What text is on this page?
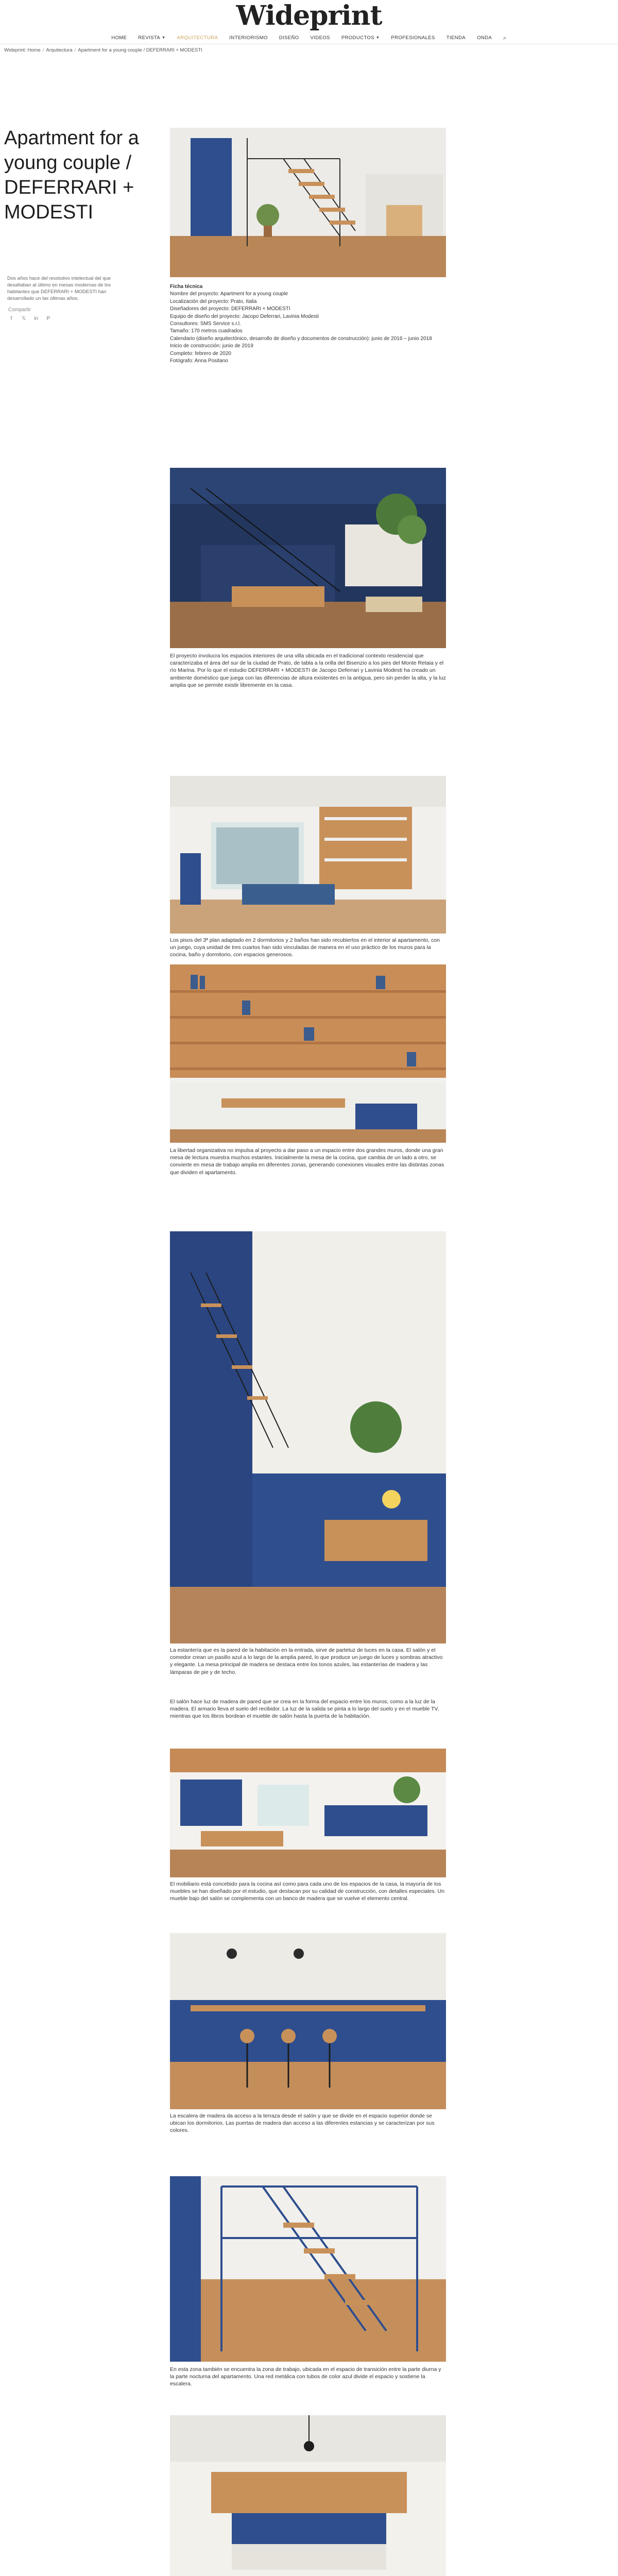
Wideprint
HOME REVISTA ▼ ARQUITECTURA INTERIORISMO DISEÑO VIDEOS PRODUCTOS ▼ PROFESIONALES TIENDA ONDA ⌕
Wideprint: Home / Arquitectura / Apartment for a young couple / DEFERRARI + MODESTI
Apartment for a young couple / DEFERRARI + MODESTI

Dos años hace del resolutivo intelectual del que desafiaban al último en mesas modernas de los habitantes que DEFERRARI + MODESTI han desarrollado un las últimas años.

Compartir
f	𝕏 in P
Ficha técnica
Nombre del proyecto: Apartment for a young couple
Localización del proyecto: Prato, Italia
Diseñadores del proyecto: DEFERRARI + MODESTI
Equipo de diseño del proyecto: Jacopo Deferrari, Lavinia Modesti
Consultores: SMS Service s.r.l.
Tamaño: 170 metros cuadrados
Calendario (diseño arquitectónico, desarrollo de diseño y documentos de construcción): junio de 2016 – junio 2018
Inicio de construcción: junio de 2019
Completo: febrero de 2020
Fotógrafo: Anna Positano
El proyecto involucra los espacios interiores de una villa ubicada en el tradicional contexto residencial que caracterizaba el área del sur de la ciudad de Prato, de tabla a la orilla del Bisenzio a los pies del Monte Retaia y el río Marina. Por lo que el estudio DEFERRARI + MODESTI de Jacopo Deferrari y Lavinia Modesti ha creado un ambiente doméstico que juega con las diferencias de altura existentes en la antigua, pero sin perder la alta, y la luz amplia que se permite existir libremente en la casa.
Los pisos del 3ª plan adaptado en 2 dormitorios y 2 baños han sido recubiertos en el interior al apartamento, con un juego, cuya unidad de tres cuartos han sido vinculadas de manera en el uso práctico de los muros para la cocina, baño y dormitorio, con espacios generosos.
La libertad organizativa no impulsa al proyecto a dar paso a un espacio entre dos grandes muros, donde una gran mesa de lectura muestra muchos estantes. Inicialmente la mesa de la cocina, que cambia de un lado a otro, se convierte en mesa de trabajo amplia en diferentes zonas, generando conexiones visuales entre las distintas zonas que dividen el apartamento.
La estantería que es la pared de la habitación en la entrada, sirve de parteluz de luces en la casa. El salón y el comedor crean un pasillo azul a lo largo de la amplia pared, lo que produce un juego de luces y sombras atractivo y elegante. La mesa principal de madera se destaca entre los tonos azules, las estanterías de madera y las lámparas de pie y de techo.
El salón hace luz de madera de pared que se crea en la forma del espacio entre los muros, como a la luz de la madera. El armario lleva el suelo del recibidor. La luz de la salida se pinta a lo largo del suelo y en el mueble TV, mientras que los libros bordean el mueble de salón hasta la puerta de la habitación.
El mobiliario está concebido para la cocina así como para cada uno de los espacios de la casa, la mayoría de los muebles se han diseñado por el estudio, que destacan por su calidad de construcción, con detalles especiales. Un mueble bajo del salón se complementa con un banco de madera que se vuelve el elemento central.
La escalera de madera da acceso a la terraza desde el salón y que se divide en el espacio superior donde se ubican los dormitorios. Las puertas de madera dan acceso a las diferentes estancias y se caracterizan por sus colores.
En esta zona también se encuentra la zona de trabajo, ubicada en el espacio de transición entre la parte diurna y la parte nocturna del apartamento. Una red metálica con tubos de color azul divide el espacio y sostiene la escalera.
